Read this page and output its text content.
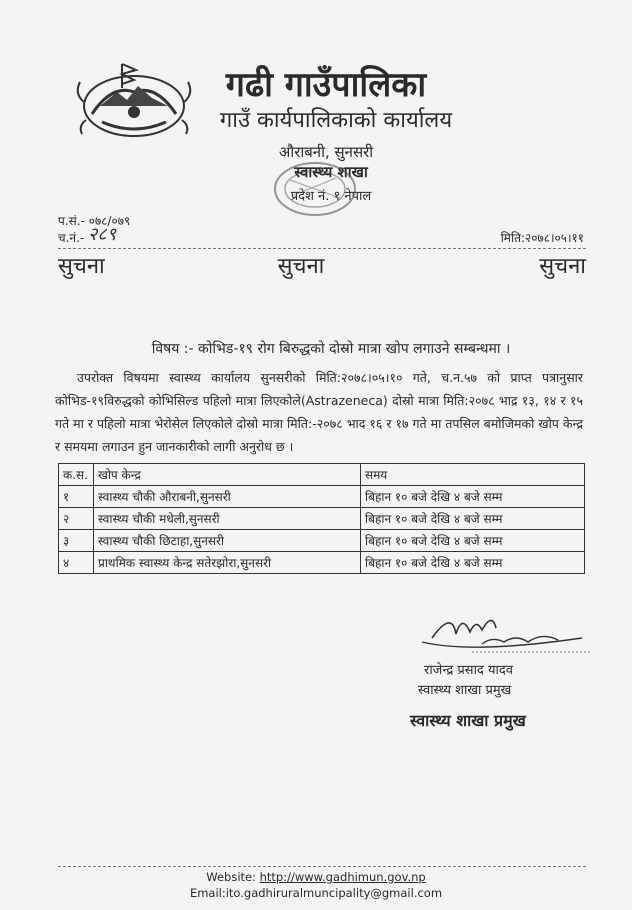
गढी गाउँपालिका
गाउँ कार्यपालिकाको कार्यालय
औराबनी, सुनसरी
स्वास्थ्य शाखा
प्रदेश नं. १ नेपाल
प.सं.- ०७८/०७९
च.नं.- २८९	मिति:२०७८।०५।११
सुचना	सुचना	सुचना
विषय :- कोभिड-१९ रोग बिरुद्धको दोस्रो मात्रा खोप लगाउने सम्बन्धमा ।
उपरोक्त विषयमा स्वास्थ्य कार्यालय सुनसरीको मिति:२०७८।०५।१० गते, च.न.५७ को प्राप्त पत्रानुसार कोभिड-१९विरुद्धको कोभिसिल्ड पहिलो मात्रा लिएकोले(Astrazeneca) दोस्रो मात्रा मिति:२०७८ भाद्र १३, १४ र १५ गते मा र पहिलो मात्रा भेरोसेल लिएकोले दोस्रो मात्रा मिति:-२०७८ भाद १६ र १७ गते मा तपसिल बमोजिमको खोप केन्द्र र समयमा लगाउन हुन जानकारीको लागी अनुरोध छ ।
क.स.	खोप केन्द्र	समय
१	स्वास्थ्य चौकी औराबनी,सुनसरी	बिहान १० बजे देखि ४ बजे सम्म
२	स्वास्थ्य चौकी मधेली,सुनसरी	बिहान १० बजे देखि ४ बजे सम्म
३	स्वास्थ्य चौकी छिटाहा,सुनसरी	बिहान १० बजे देखि ४ बजे सम्म
४	प्राथमिक स्वास्थ्य केन्द्र सतेरझोरा,सुनसरी	बिहान १० बजे देखि ४ बजे सम्म
राजेन्द्र प्रसाद यादव
स्वास्थ्य शाखा प्रमुख
स्वास्थ्य शाखा प्रमुख
Website: http://www.gadhimun.gov.np
Email:ito.gadhiruralmuncipality@gmail.com
